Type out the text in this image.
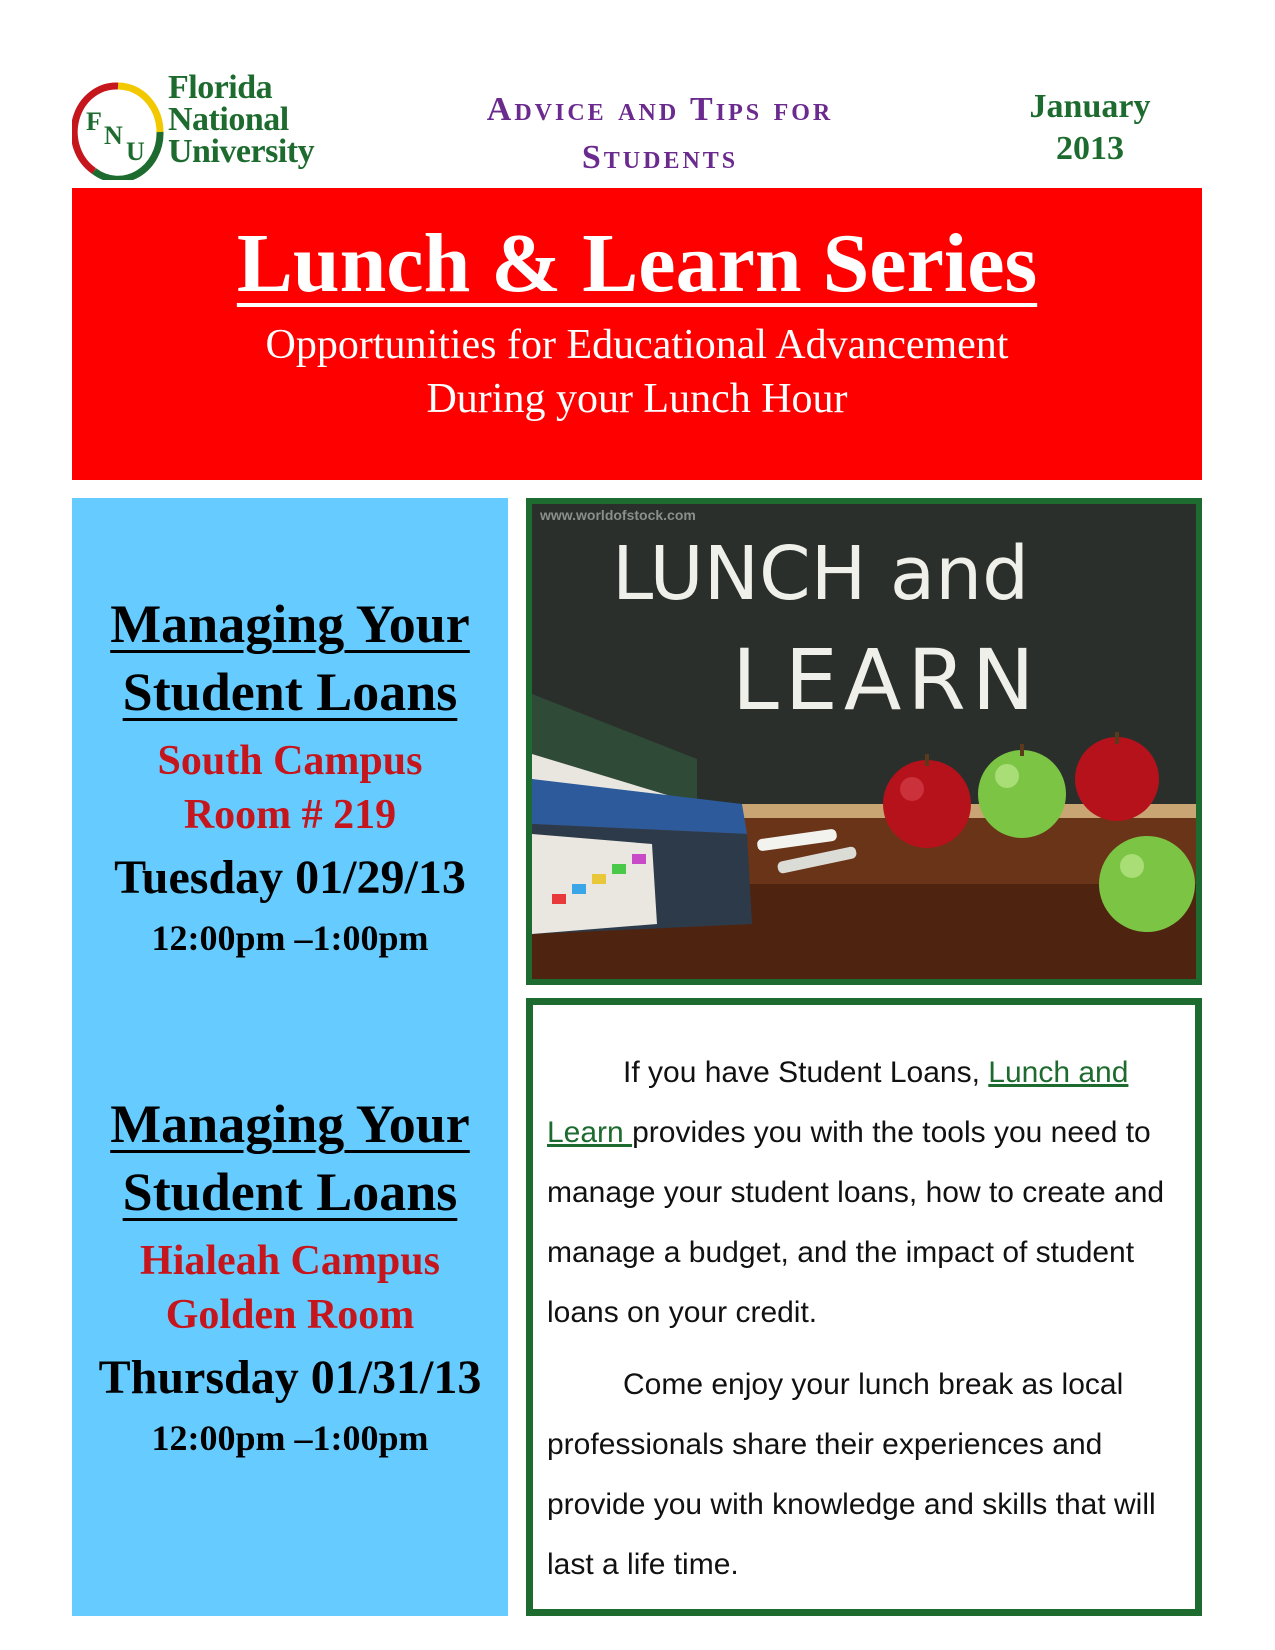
F N
U
Florida
National
University
Advice and Tips for
Students
January
2013
Lunch & Learn Series
Opportunities for Educational Advancement
During your Lunch Hour
Managing Your
Student Loans
South Campus
Room # 219
Tuesday 01/29/13
12:00pm –1:00pm
Managing Your
Student Loans
Hialeah Campus
Golden Room
Thursday 01/31/13
12:00pm –1:00pm
www.worldofstock.com
LUNCH and
LEARN

If you have Student Loans, Lunch and Learn provides you with the tools you need to manage your student loans, how to create and manage a budget, and the impact of student loans on your credit.

Come enjoy your lunch break as local professionals share their experiences and provide you with knowledge and skills that will last a life time.
